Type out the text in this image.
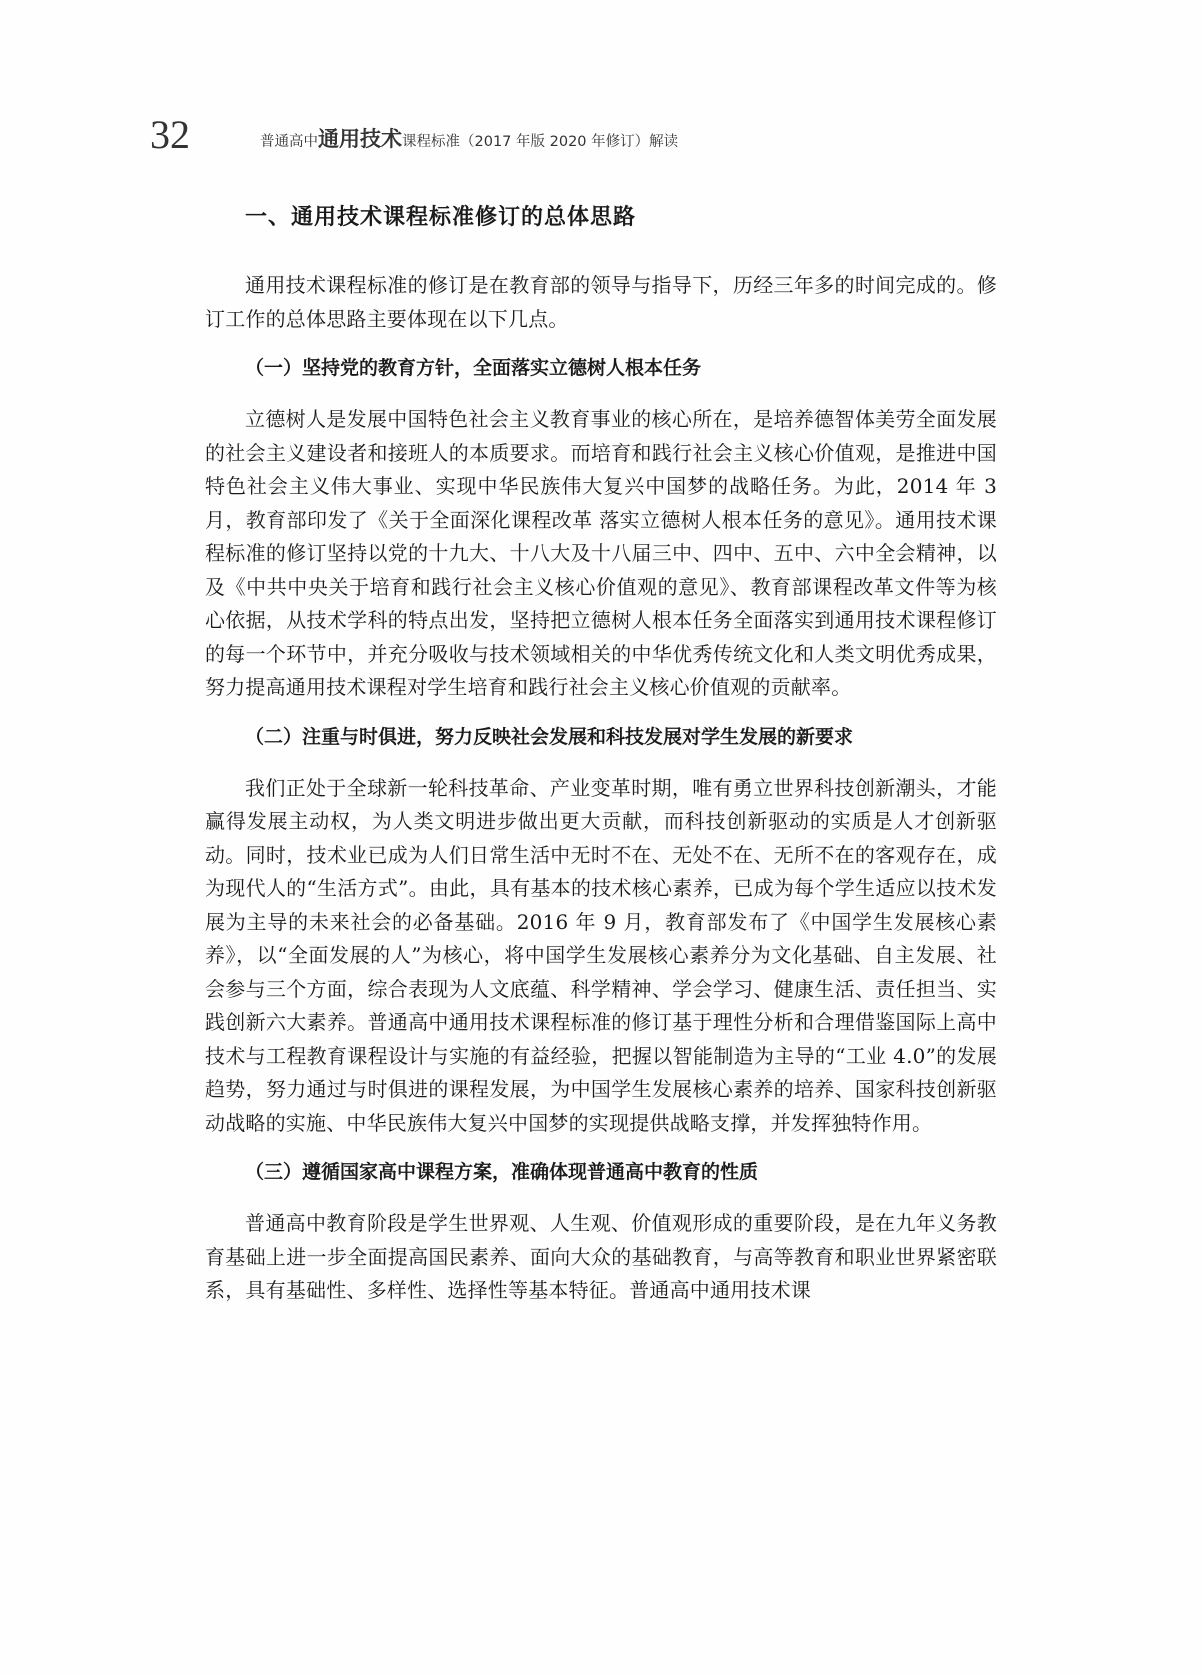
32	普通高中通用技术课程标准（2017 年版 2020 年修订）解读
一、通用技术课程标准修订的总体思路

通用技术课程标准的修订是在教育部的领导与指导下，历经三年多的时间完成的。修订工作的总体思路主要体现在以下几点。

（一）坚持党的教育方针，全面落实立德树人根本任务

立德树人是发展中国特色社会主义教育事业的核心所在，是培养德智体美劳全面发展的社会主义建设者和接班人的本质要求。而培育和践行社会主义核心价值观，是推进中国特色社会主义伟大事业、实现中华民族伟大复兴中国梦的战略任务。为此，2014 年 3 月，教育部印发了《关于全面深化课程改革 落实立德树人根本任务的意见》。通用技术课程标准的修订坚持以党的十九大、十八大及十八届三中、四中、五中、六中全会精神，以及《中共中央关于培育和践行社会主义核心价值观的意见》、教育部课程改革文件等为核心依据，从技术学科的特点出发，坚持把立德树人根本任务全面落实到通用技术课程修订的每一个环节中，并充分吸收与技术领域相关的中华优秀传统文化和人类文明优秀成果，努力提高通用技术课程对学生培育和践行社会主义核心价值观的贡献率。

（二）注重与时俱进，努力反映社会发展和科技发展对学生发展的新要求

我们正处于全球新一轮科技革命、产业变革时期，唯有勇立世界科技创新潮头，才能赢得发展主动权，为人类文明进步做出更大贡献，而科技创新驱动的实质是人才创新驱动。同时，技术业已成为人们日常生活中无时不在、无处不在、无所不在的客观存在，成为现代人的“生活方式”。由此，具有基本的技术核心素养，已成为每个学生适应以技术发展为主导的未来社会的必备基础。2016 年 9 月，教育部发布了《中国学生发展核心素养》，以“全面发展的人”为核心，将中国学生发展核心素养分为文化基础、自主发展、社会参与三个方面，综合表现为人文底蕴、科学精神、学会学习、健康生活、责任担当、实践创新六大素养。普通高中通用技术课程标准的修订基于理性分析和合理借鉴国际上高中技术与工程教育课程设计与实施的有益经验，把握以智能制造为主导的“工业 4.0”的发展趋势，努力通过与时俱进的课程发展，为中国学生发展核心素养的培养、国家科技创新驱动战略的实施、中华民族伟大复兴中国梦的实现提供战略支撑，并发挥独特作用。

（三）遵循国家高中课程方案，准确体现普通高中教育的性质

普通高中教育阶段是学生世界观、人生观、价值观形成的重要阶段，是在九年义务教育基础上进一步全面提高国民素养、面向大众的基础教育，与高等教育和职业世界紧密联系，具有基础性、多样性、选择性等基本特征。普通高中通用技术课
